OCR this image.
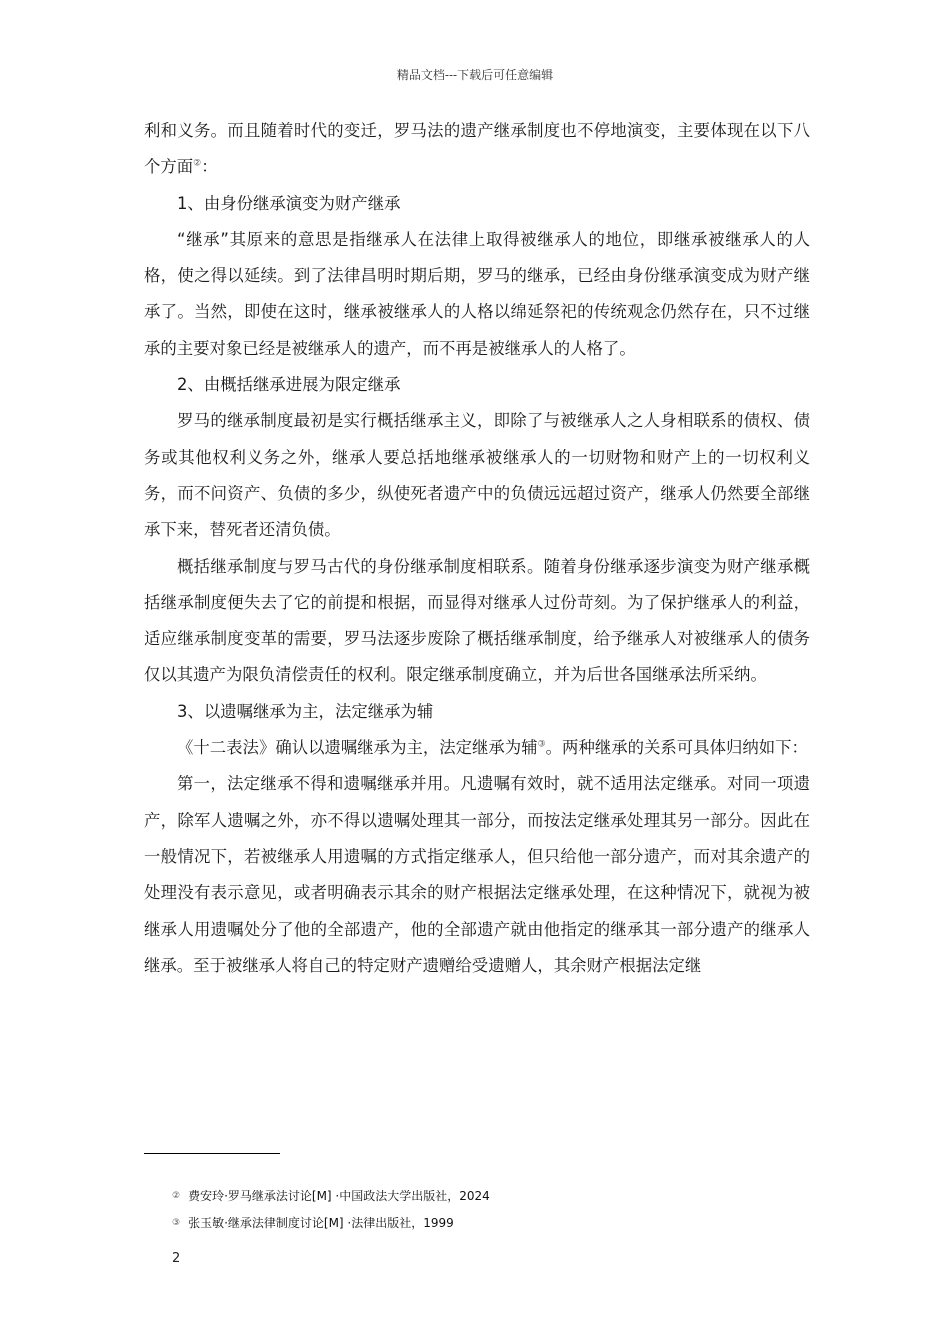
精品文档---下载后可任意编辑

利和义务。而且随着时代的变迁，罗马法的遗产继承制度也不停地演变，主要体现在以下八个方面②：

1、由身份继承演变为财产继承

“继承”其原来的意思是指继承人在法律上取得被继承人的地位，即继承被继承人的人格，使之得以延续。到了法律昌明时期后期，罗马的继承，已经由身份继承演变成为财产继承了。当然，即使在这时，继承被继承人的人格以绵延祭祀的传统观念仍然存在，只不过继承的主要对象已经是被继承人的遗产，而不再是被继承人的人格了。

2、由概括继承进展为限定继承

罗马的继承制度最初是实行概括继承主义，即除了与被继承人之人身相联系的债权、债务或其他权利义务之外，继承人要总括地继承被继承人的一切财物和财产上的一切权利义务，而不问资产、负债的多少，纵使死者遗产中的负债远远超过资产，继承人仍然要全部继承下来，替死者还清负债。

概括继承制度与罗马古代的身份继承制度相联系。随着身份继承逐步演变为财产继承概括继承制度便失去了它的前提和根据，而显得对继承人过份苛刻。为了保护继承人的利益，适应继承制度变革的需要，罗马法逐步废除了概括继承制度，给予继承人对被继承人的债务仅以其遗产为限负清偿责任的权利。限定继承制度确立，并为后世各国继承法所采纳。

3、以遗嘱继承为主，法定继承为辅

《十二表法》确认以遗嘱继承为主，法定继承为辅③。两种继承的关系可具体归纳如下：

第一，法定继承不得和遗嘱继承并用。凡遗嘱有效时，就不适用法定继承。对同一项遗产，除军人遗嘱之外，亦不得以遗嘱处理其一部分，而按法定继承处理其另一部分。因此在一般情况下，若被继承人用遗嘱的方式指定继承人，但只给他一部分遗产，而对其余遗产的处理没有表示意见，或者明确表示其余的财产根据法定继承处理，在这种情况下，就视为被继承人用遗嘱处分了他的全部遗产，他的全部遗产就由他指定的继承其一部分遗产的继承人继承。至于被继承人将自己的特定财产遗赠给受遗赠人，其余财产根据法定继

② 费安玲·罗马继承法讨论[M] ·中国政法大学出版社，2024
③ 张玉敏·继承法律制度讨论[M] ·法律出版社，1999
2
